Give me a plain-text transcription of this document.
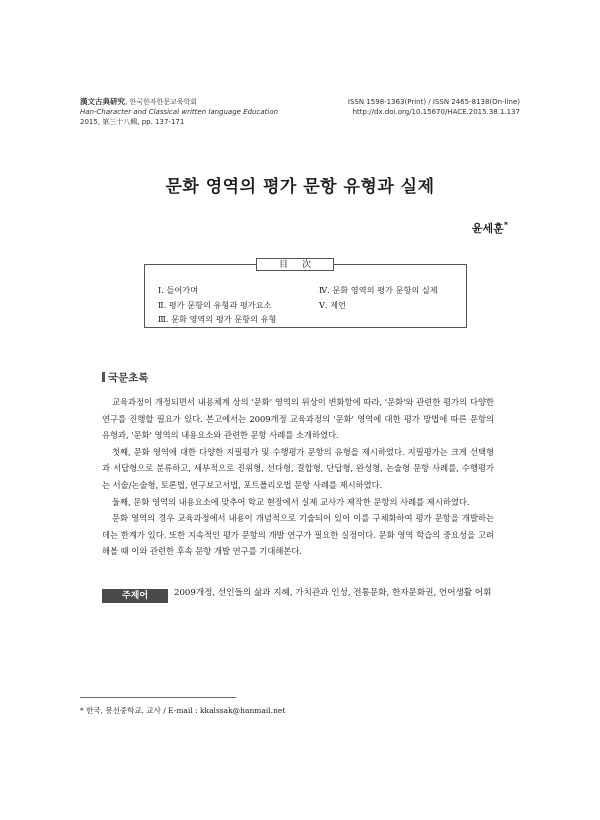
漢文古典研究, 한국한자한문교육학회
Han-Character and Classical written language Education
2015, 第三十八輯, pp. 137-171
ISSN 1598-1363(Print) / ISSN 2465-8138(On-line)
http://dx.doi.org/10.15670/HACE.2015.38.1.137
문화 영역의 평가 문항 유형과 실제
윤세훈*
目次
Ⅰ. 들어가며
Ⅱ. 평가 문항의 유형과 평가요소
Ⅲ. 문화 영역의 평가 문항의 유형
Ⅳ. 문화 영역의 평가 문항의 실제
Ⅴ. 제언
국문초록

교육과정이 개정되면서 내용체계 상의 '문화' 영역의 위상이 변화함에 따라, '문화'와 관련한 평가의 다양한 연구를 진행할 필요가 있다. 본고에서는 2009개정 교육과정의 '문화' 영역에 대한 평가 방법에 따른 문항의 유형과, '문화' 영역의 내용요소와 관련한 문항 사례를 소개하였다.

첫째, 문화 영역에 대한 다양한 지필평가 및 수행평가 문항의 유형을 제시하였다. 지필평가는 크게 선택형과 서답형으로 분류하고, 세부적으로 진위형, 선다형, 결합형, 단답형, 완성형, 논술형 문항 사례를, 수행평가는 서술/논술형, 토론법, 연구보고서법, 포트폴리오법 문항 사례를 제시하였다.

둘째, 문화 영역의 내용요소에 맞추어 학교 현장에서 실제 교사가 제작한 문항의 사례를 제시하였다.

문화 영역의 경우 교육과정에서 내용이 개념적으로 기술되어 있어 이를 구체화하여 평가 문항을 개발하는 데는 한계가 있다. 또한 지속적인 평가 문항의 개발 연구가 필요한 실정이다. 문화 영역 학습의 중요성을 고려해볼 때 이와 관련한 후속 문항 개발 연구를 기대해본다.

주제어	2009개정, 선인들의 삶과 지혜, 가치관과 인성, 전통문화, 한자문화권, 언어생활 어휘
* 한국, 봉선중학교, 교사 / E-mail : kkalssak@hanmail.net
